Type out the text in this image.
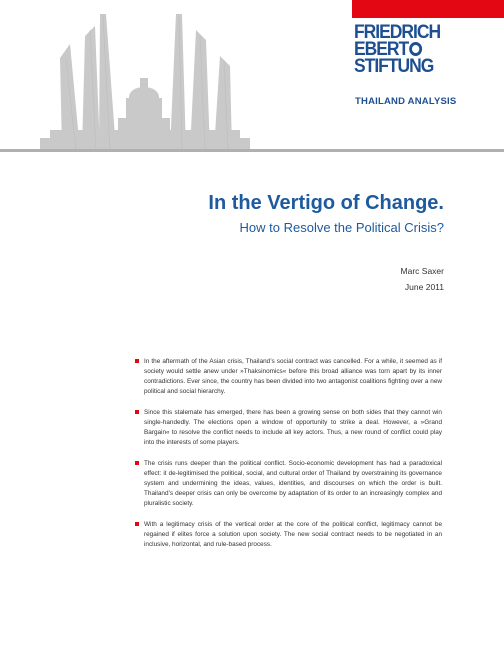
FRIEDRICH
EBERT
STIFTUNG
THAILAND ANALYSIS
In the Vertigo of Change.
How to Resolve the Political Crisis?
Marc Saxer
June 2011
In the aftermath of the Asian crisis, Thailand’s social contract was cancelled. For a while, it seemed as if society would settle anew under »Thaksinomics« before this broad alliance was torn apart by its inner contradictions. Ever since, the country has been divided into two antagonist coalitions fighting over a new political and social hierarchy.
Since this stalemate has emerged, there has been a growing sense on both sides that they cannot win single-handedly. The elections open a window of opportunity to strike a deal. However, a »Grand Bargain« to resolve the conflict needs to include all key actors. Thus, a new round of conflict could play into the interests of some players.
The crisis runs deeper than the political conflict. Socio-economic development has had a paradoxical effect: it de-legitimised the political, social, and cultural order of Thailand by overstraining its governance system and undermining the ideas, values, identities, and discourses on which the order is built. Thailand’s deeper crisis can only be overcome by adaptation of its order to an increasingly complex and pluralistic society.
With a legitimacy crisis of the vertical order at the core of the political conflict, legitimacy cannot be regained if elites force a solution upon society. The new social contract needs to be negotiated in an inclusive, horizontal, and rule-based process.
